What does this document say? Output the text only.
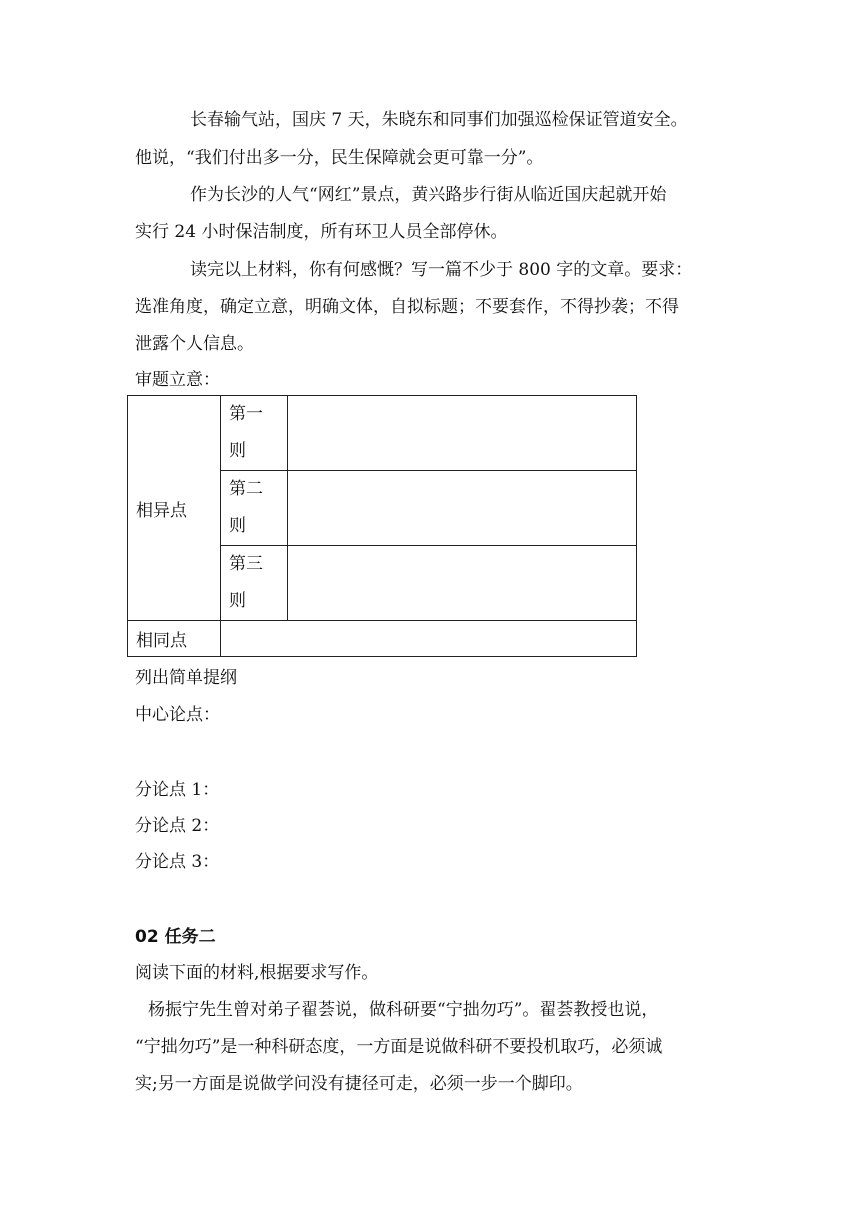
长春输气站，国庆 7 天，朱晓东和同事们加强巡检保证管道安全。
他说，“我们付出多一分，民生保障就会更可靠一分”。
作为长沙的人气“网红”景点，黄兴路步行街从临近国庆起就开始
实行 24 小时保洁制度，所有环卫人员全部停休。
读完以上材料，你有何感慨？写一篇不少于 800 字的文章。要求：
选准角度，确定立意，明确文体，自拟标题；不要套作，不得抄袭；不得
泄露个人信息。
审题立意：
相异点	第一
则	

	第二
则	

	第三
则	

相同点		
列出简单提纲
中心论点：
分论点 1：
分论点 2：
分论点 3：
02 任务二
阅读下面的材料,根据要求写作。
杨振宁先生曾对弟子翟荟说，做科研要“宁拙勿巧”。翟荟教授也说，
“宁拙勿巧”是一种科研态度，一方面是说做科研不要投机取巧，必须诚
实;另一方面是说做学问没有捷径可走，必须一步一个脚印。
